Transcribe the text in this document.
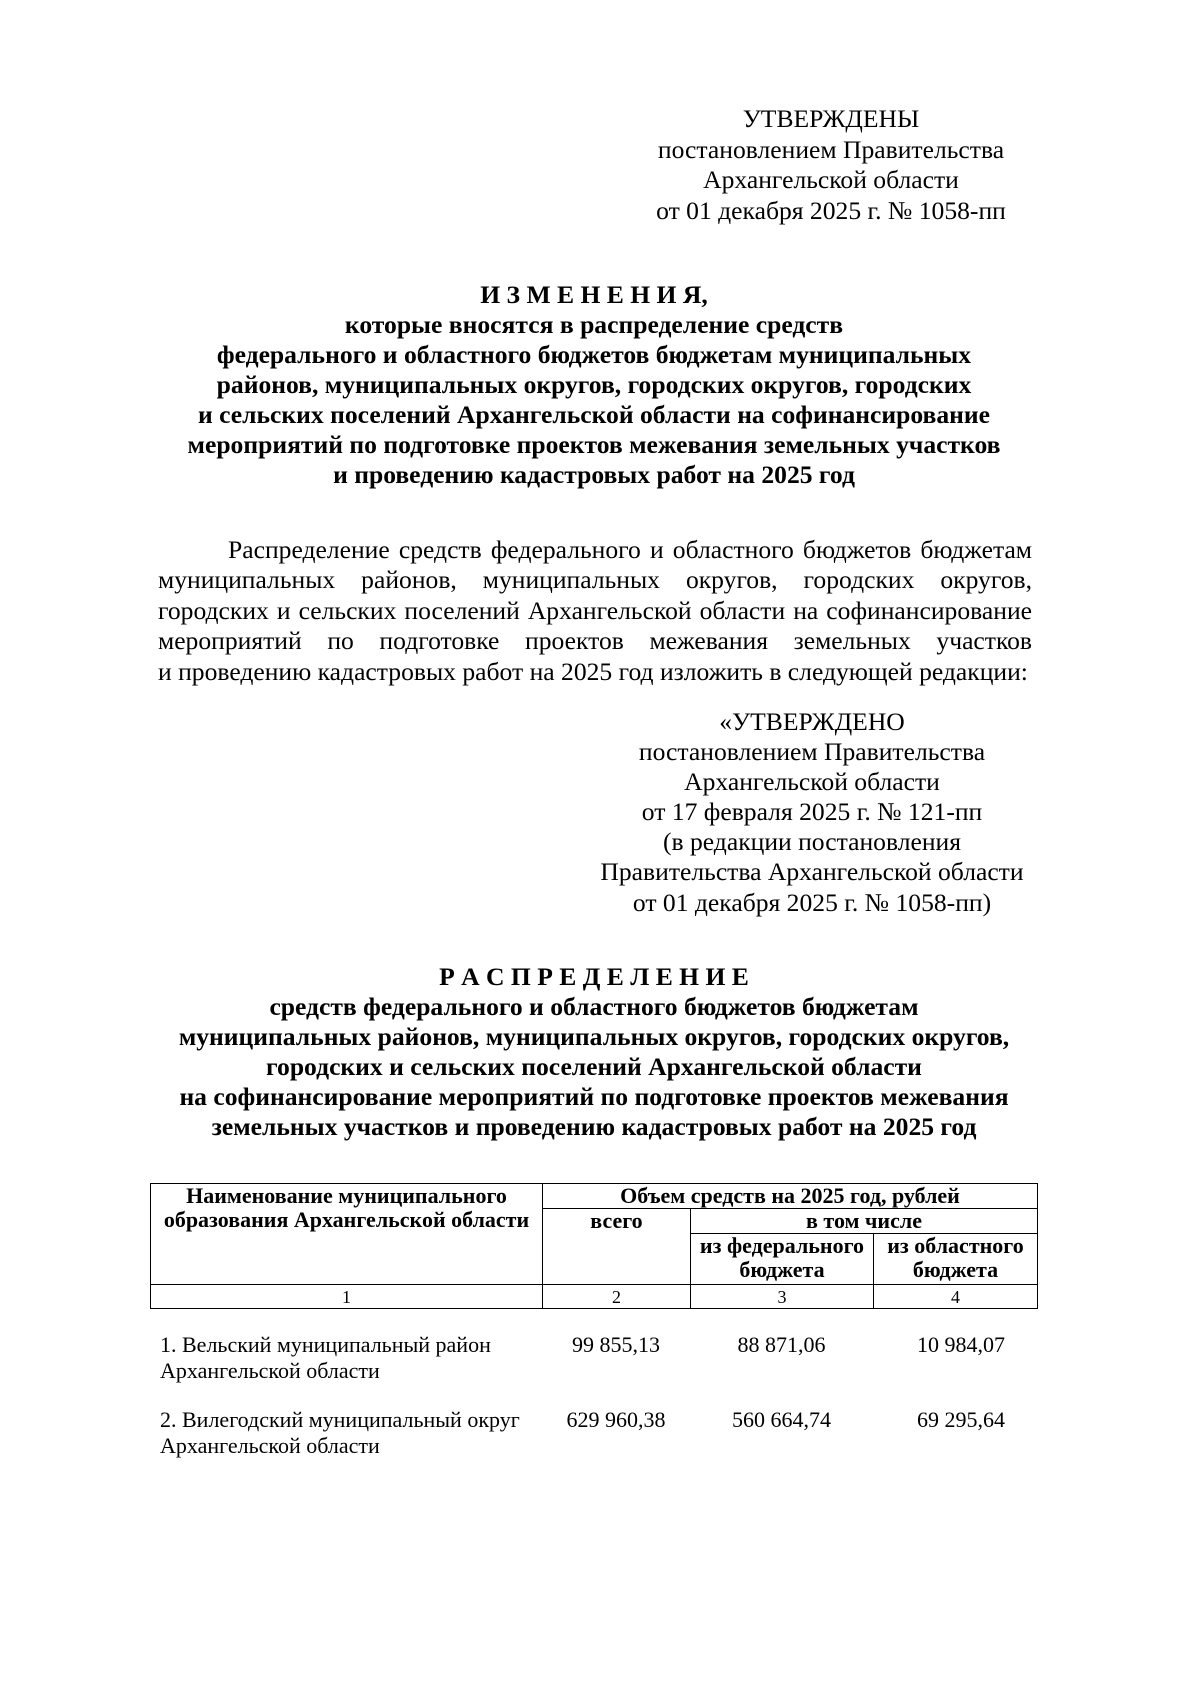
УТВЕРЖДЕНЫ
постановлением Правительства
Архангельской области
от 01 декабря 2025 г. № 1058-пп
И З М Е Н Е Н И Я,
которые вносятся в распределение средств
федерального и областного бюджетов бюджетам муниципальных
районов, муниципальных округов, городских округов, городских
и сельских поселений Архангельской области на софинансирование
мероприятий по подготовке проектов межевания земельных участков
и проведению кадастровых работ на 2025 год
Распределение средств федерального и областного бюджетов бюджетам
муниципальных районов, муниципальных округов, городских округов,
городских и сельских поселений Архангельской области на софинансирование
мероприятий по подготовке проектов межевания земельных участков
и проведению кадастровых работ на 2025 год изложить в следующей редакции:
«УТВЕРЖДЕНО
постановлением Правительства
Архангельской области
от 17 февраля 2025 г. № 121-пп
(в редакции постановления
Правительства Архангельской области
от 01 декабря 2025 г. № 1058-пп)
Р А С П Р Е Д Е Л Е Н И Е
средств федерального и областного бюджетов бюджетам
муниципальных районов, муниципальных округов, городских округов,
городских и сельских поселений Архангельской области
на софинансирование мероприятий по подготовке проектов межевания
земельных участков и проведению кадастровых работ на 2025 год
Наименование муниципального
образования Архангельской области	Объем средств на 2025 год, рублей		
	всего	в том числе	
		из федерального бюджета	из областного бюджета
1	2	3	4
1. Вельский муниципальный район Архангельской области	99 855,13	88 871,06	10 984,07
2. Вилегодский муниципальный округ Архангельской области	629 960,38	560 664,74	69 295,64
